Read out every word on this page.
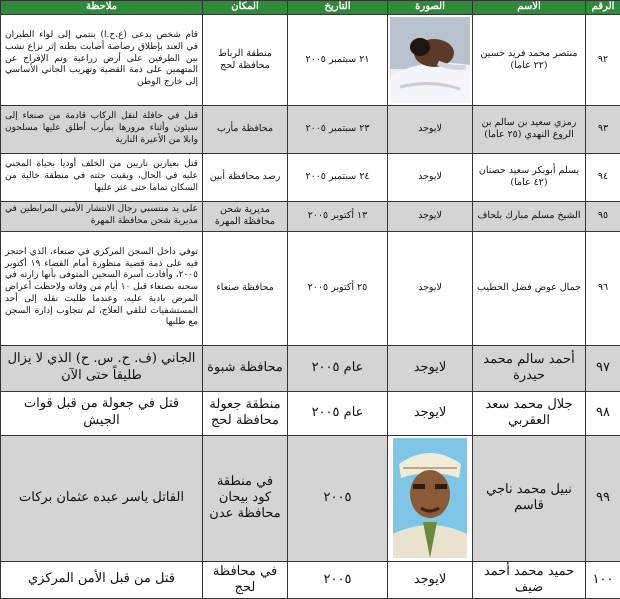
الرقم	الاسم	الصورة	التاريخ	المكان	ملاحظة
٩٢	منتصر محمد فريد حسين (٢٢ عاما)		٢١ سبتمبر ٢٠٠٥	منطقة الرباط محافظة لحج	قام شخص يدعى (ع.ح.ا) ينتمي إلى لواء الطيران في العند بإطلاق رصاصة أصابت بطنه إثر نزاع نشب بين الطرفين على أرض زراعية وتم الإفراج عن المتهمين على ذمة القضية وتهريب الجاني الأساسي إلى خارج الوطن
٩٣	رمزي سعيد بن سالم بن الروع النهدي (٢٥ عاما)	لايوجد	٢٣ سبتمبر ٢٠٠٥	محافظة مأرب	قتل في حافلة لنقل الركاب قادمة من صنعاء إلى سيئون وأثناء مرورها بمأرب أطلق عليها مسلحون وابلا من الأعيرة النارية
٩٤	يسلم أبوبكر سعيد حصنان (٤٢ عاما)	لايوجد	٢٤ سبتمبر ٢٠٠٥	رصد محافظة أبين	قتل بعيارين ناريين من الخلف أوديا بحياة المجني عليه في الحال، وبقيت جثته في منطقة خالية من السكان تماما حتى عثر عليها
٩٥	الشيخ مسلم مبارك بلحاف	لايوجد	١٣ أكتوبر ٢٠٠٥	مديرية شحن محافظة المهرة	على يد منتسبي رجال الانتشار الأمني المرابطين في مديرية شحن محافظة المهرة
٩٦	جمال عوض فضل الحطيب	لايوجد	٢٥ أكتوبر ٢٠٠٥	محافظة صنعاء	توفي داخل السجن المركزي في صنعاء، الذي احتجز فيه على ذمة قضية منظورة أمام القضاء ١٩ أكتوبر ٢٠٠٥، وأفادت أسرة السجين المتوفى بأنها زارته في سجنه بصنعاء قبل ١٠ أيام من وفاته ولاحظت أعراض المرض بادية عليه، وعندما طلبت نقله إلى أحد المستشفيات لتلقي العلاج، لم تتجاوب إدارة السجن مع طلبها
٩٧	أحمد سالم محمد حيدرة	لايوجد	عام ٢٠٠٥	محافظة شبوة	الجاني (ف. ح. س. ح) الذي لا يزال طليقاً حتى الآن
٩٨	جلال محمد سعد العقربي	لايوجد	عام ٢٠٠٥	منطقة جعولة محافظة لحج	قتل في جعولة من قبل قوات الجيش
٩٩	نبيل محمد ناجي قاسم		٢٠٠٥	في منطقة كود بيحان محافظة عدن	القاتل ياسر عبده عثمان بركات
١٠٠	حميد محمد أحمد ضيف	لايوجد	٢٠٠٥	في محافظة لحج	قتل من قبل الأمن المركزي
